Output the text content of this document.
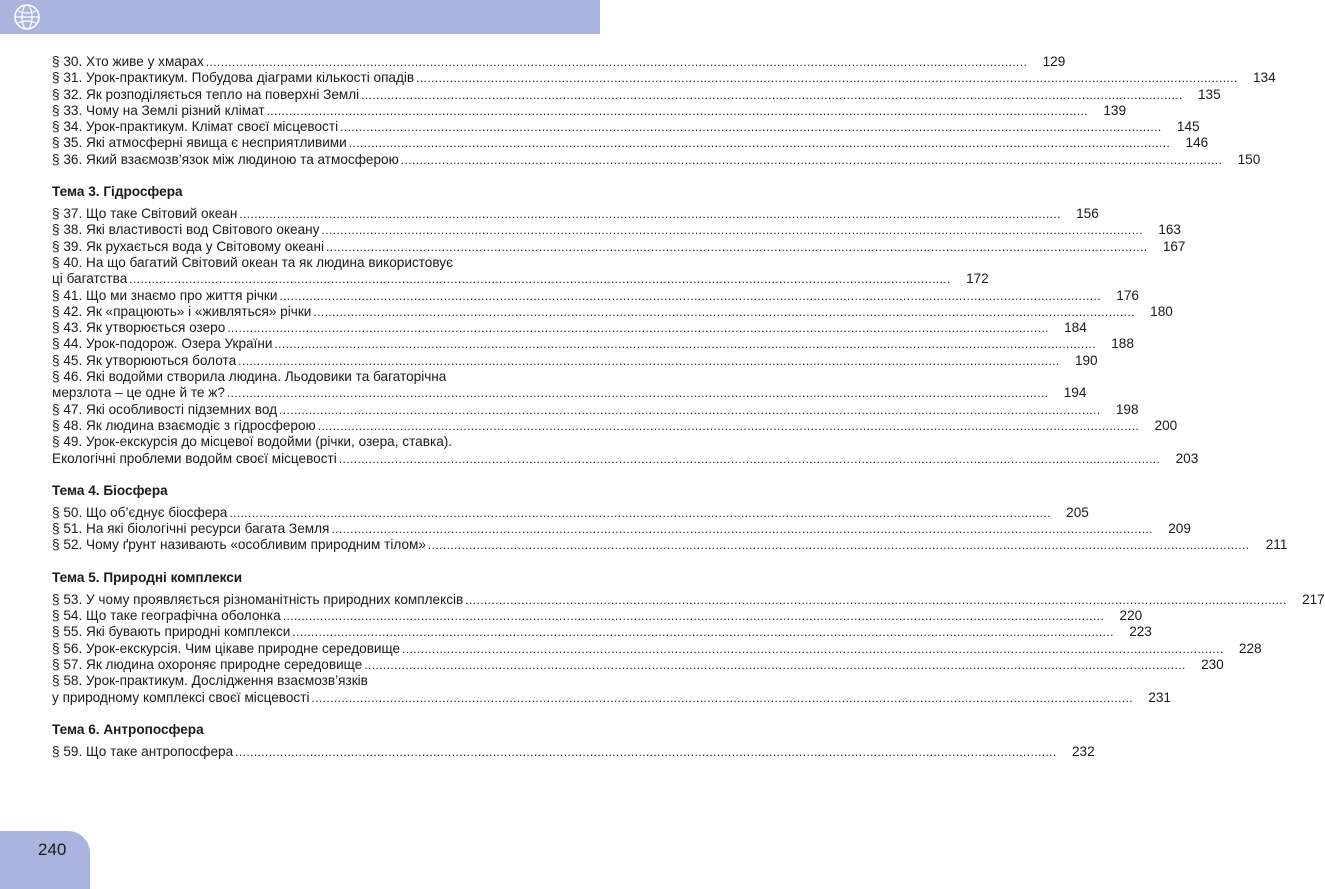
§ 30. Хто живе у хмарах ............................................................................................................................................................................................................................	129
§ 31. Урок-практикум. Побудова діаграми кількості опадів ............................................................................................................................................................................................................................	134
§ 32. Як розподіляється тепло на поверхні Землі ............................................................................................................................................................................................................................	135
§ 33. Чому на Землі різний клімат ............................................................................................................................................................................................................................	139
§ 34. Урок-практикум. Клімат своєї місцевості ............................................................................................................................................................................................................................	145
§ 35. Які атмосферні явища є несприятливими ............................................................................................................................................................................................................................	146
§ 36. Який взаємозв’язок між людиною та атмосферою ............................................................................................................................................................................................................................	150
Тема 3. Гідросфера
§ 37. Що таке Світовий океан ............................................................................................................................................................................................................................	156
§ 38. Які властивості вод Світового океану ............................................................................................................................................................................................................................	163
§ 39. Як рухається вода у Світовому океані ............................................................................................................................................................................................................................	167
§ 40. На що багатий Світовий океан та як людина використовує
ці багатства ............................................................................................................................................................................................................................	172
§ 41. Що ми знаємо про життя річки ............................................................................................................................................................................................................................	176
§ 42. Як «працюють» і «живляться» річки ............................................................................................................................................................................................................................	180
§ 43. Як утворюється озеро ............................................................................................................................................................................................................................	184
§ 44. Урок-подорож. Озера України ............................................................................................................................................................................................................................	188
§ 45. Як утворюються болота ............................................................................................................................................................................................................................	190
§ 46. Які водойми створила людина. Льодовики та багаторічна
мерзлота – це одне й те ж? ............................................................................................................................................................................................................................	194
§ 47. Які особливості підземних вод ............................................................................................................................................................................................................................	198
§ 48. Як людина взаємодіє з гідросферою ............................................................................................................................................................................................................................	200
§ 49. Урок-екскурсія до місцевої водойми (річки, озера, ставка).
Екологічні проблеми водойм своєї місцевості ............................................................................................................................................................................................................................	203
Тема 4. Біосфера
§ 50. Що об’єднує біосфера ............................................................................................................................................................................................................................	205
§ 51. На які біологічні ресурси багата Земля ............................................................................................................................................................................................................................	209
§ 52. Чому ґрунт називають «особливим природним тілом» ............................................................................................................................................................................................................................	211
Тема 5. Природні комплекси
§ 53. У чому проявляється різноманітність природних комплексів ............................................................................................................................................................................................................................	217
§ 54. Що таке географічна оболонка ............................................................................................................................................................................................................................	220
§ 55. Які бувають природні комплекси ............................................................................................................................................................................................................................	223
§ 56. Урок-екскурсія. Чим цікаве природне середовище ............................................................................................................................................................................................................................	228
§ 57. Як людина охороняє природне середовище ............................................................................................................................................................................................................................	230
§ 58. Урок-практикум. Дослідження взаємозв’язків
у природному комплексі своєї місцевості ............................................................................................................................................................................................................................	231
Тема 6. Антропосфера
§ 59. Що таке антропосфера ............................................................................................................................................................................................................................	232
240
